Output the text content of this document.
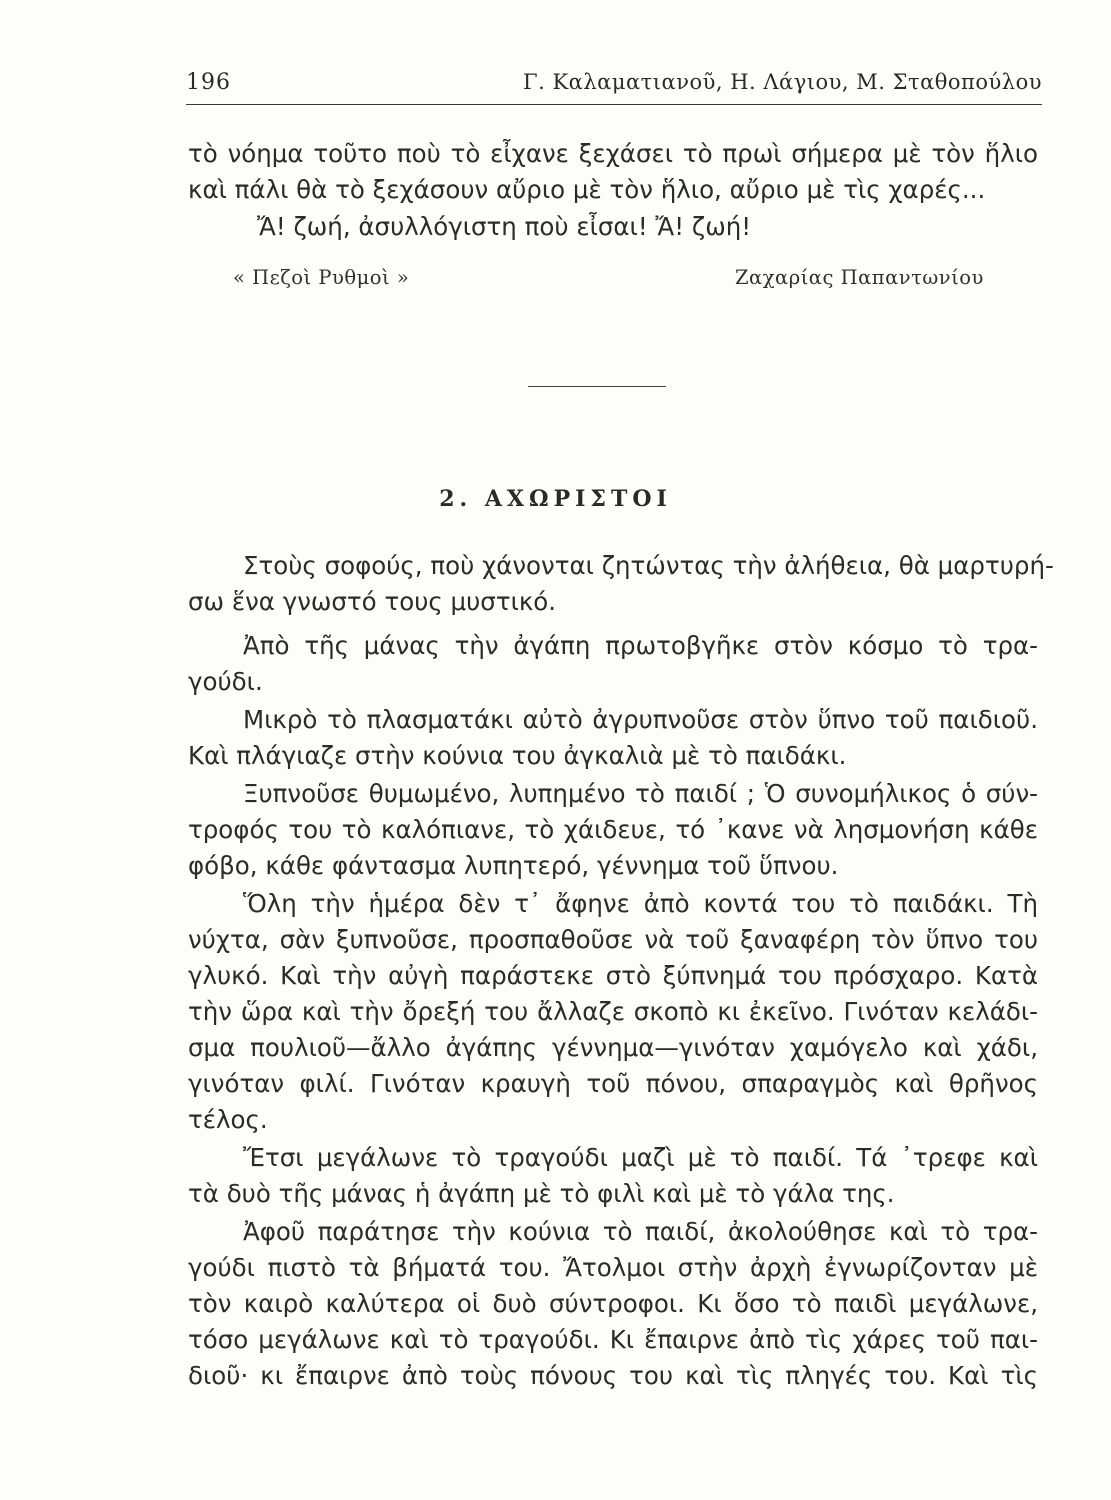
196	Γ. Καλαματιανοῦ, Η. Λάγιου, Μ. Σταθοπούλου
τὸ νόημα τοῦτο ποὺ τὸ εἶχανε ξεχάσει τὸ πρωὶ σήμερα μὲ τὸν ἥλιο
καὶ πάλι θὰ τὸ ξεχάσουν αὔριο μὲ τὸν ἥλιο, αὔριο μὲ τὶς χαρές...
Ἄ! ζωή, ἀσυλλόγιστη ποὺ εἶσαι! Ἄ! ζωή!
« Πεζοὶ Ρυθμοὶ »	Ζαχαρίας Παπαντωνίου
2. ΑΧΩΡΙΣΤΟΙ
Στοὺς σοφούς, ποὺ χάνονται ζητώντας τὴν ἀλήθεια, θὰ μαρτυρή-
σω ἕνα γνωστό τους μυστικό.
Ἀπὸ τῆς μάνας τὴν ἀγάπη πρωτοβγῆκε στὸν κόσμο τὸ τρα-
γούδι.
Μικρὸ τὸ πλασματάκι αὐτὸ ἀγρυπνοῦσε στὸν ὕπνο τοῦ παιδιοῦ.
Καὶ πλάγιαζε στὴν κούνια του ἀγκαλιὰ μὲ τὸ παιδάκι.
Ξυπνοῦσε θυμωμένο, λυπημένο τὸ παιδί ; Ὁ συνομήλικος ὁ σύν-
τροφός του τὸ καλόπιανε, τὸ χάιδευε, τό ᾿κανε νὰ λησμονήση κάθε
φόβο, κάθε φάντασμα λυπητερό, γέννημα τοῦ ὕπνου.
Ὅλη τὴν ἡμέρα δὲν τ᾿ ἄφηνε ἀπὸ κοντά του τὸ παιδάκι. Τὴ
νύχτα, σὰν ξυπνοῦσε, προσπαθοῦσε νὰ τοῦ ξαναφέρη τὸν ὕπνο του
γλυκό. Καὶ τὴν αὐγὴ παράστεκε στὸ ξύπνημά του πρόσχαρο. Κατὰ
τὴν ὥρα καὶ τὴν ὄρεξή του ἄλλαζε σκοπὸ κι ἐκεῖνο. Γινόταν κελάδι-
σμα πουλιοῦ—ἄλλο ἀγάπης γέννημα—γινόταν χαμόγελο καὶ χάδι,
γινόταν φιλί. Γινόταν κραυγὴ τοῦ πόνου, σπαραγμὸς καὶ θρῆνος
τέλος.
Ἔτσι μεγάλωνε τὸ τραγούδι μαζὶ μὲ τὸ παιδί. Τά ᾿τρεφε καὶ
τὰ δυὸ τῆς μάνας ἡ ἀγάπη μὲ τὸ φιλὶ καὶ μὲ τὸ γάλα της.
Ἀφοῦ παράτησε τὴν κούνια τὸ παιδί, ἀκολούθησε καὶ τὸ τρα-
γούδι πιστὸ τὰ βήματά του. Ἄτολμοι στὴν ἀρχὴ ἐγνωρίζονταν μὲ
τὸν καιρὸ καλύτερα οἱ δυὸ σύντροφοι. Κι ὅσο τὸ παιδὶ μεγάλωνε,
τόσο μεγάλωνε καὶ τὸ τραγούδι. Κι ἔπαιρνε ἀπὸ τὶς χάρες τοῦ παι-
διοῦ· κι ἔπαιρνε ἀπὸ τοὺς πόνους του καὶ τὶς πληγές του. Καὶ τὶς
